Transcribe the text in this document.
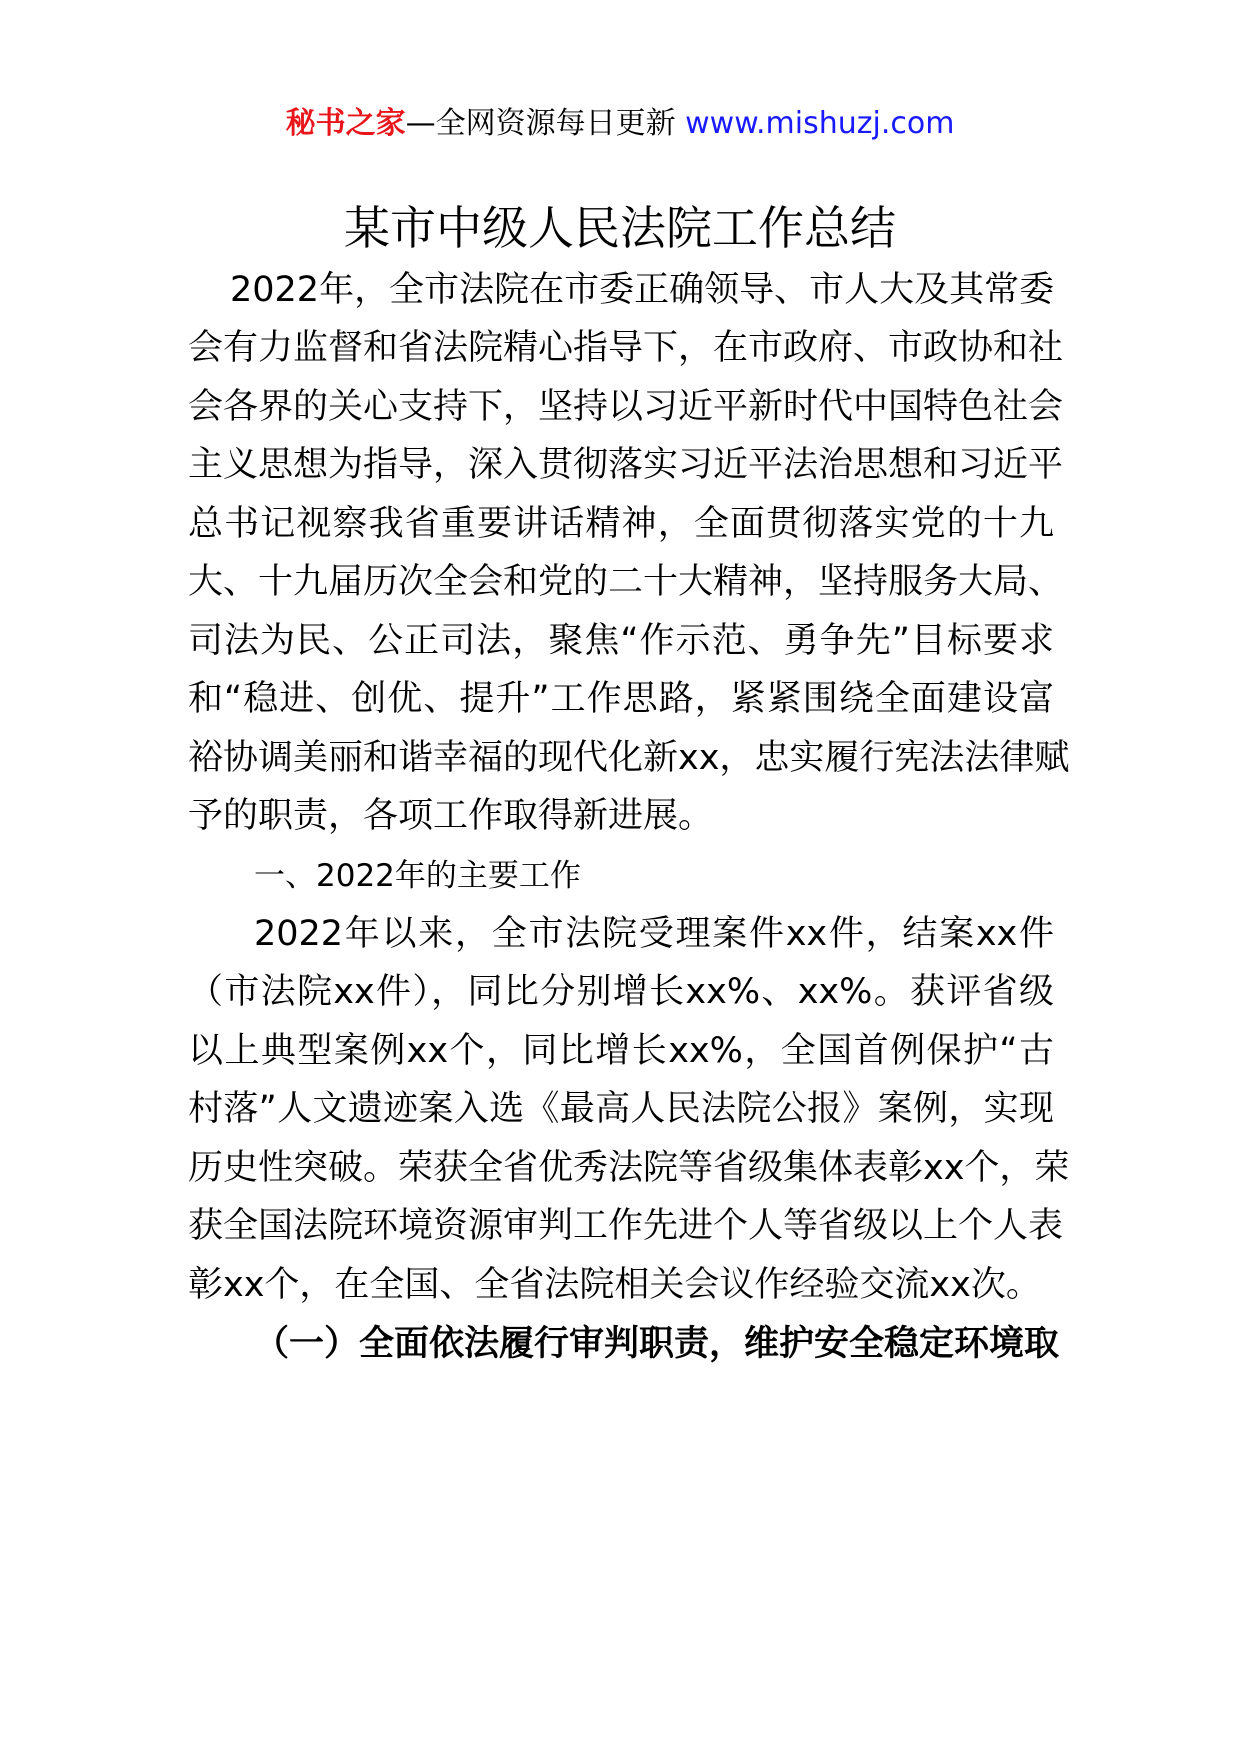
秘书之家—全网资源每日更新 www.mishuzj.com
某市中级人民法院工作总结
2022年，全市法院在市委正确领导、市人大及其常委
会有力监督和省法院精心指导下，在市政府、市政协和社
会各界的关心支持下，坚持以习近平新时代中国特色社会
主义思想为指导，深入贯彻落实习近平法治思想和习近平
总书记视察我省重要讲话精神，全面贯彻落实党的十九
大、十九届历次全会和党的二十大精神，坚持服务大局、
司法为民、公正司法，聚焦“作示范、勇争先”目标要求
和“稳进、创优、提升”工作思路，紧紧围绕全面建设富
裕协调美丽和谐幸福的现代化新xx，忠实履行宪法法律赋
予的职责，各项工作取得新进展。
一、2022年的主要工作
2022年以来，全市法院受理案件xx件，结案xx件
（市法院xx件），同比分别增长xx%、xx%。获评省级
以上典型案例xx个，同比增长xx%，全国首例保护“古
村落”人文遗迹案入选《最高人民法院公报》案例，实现
历史性突破。荣获全省优秀法院等省级集体表彰xx个，荣
获全国法院环境资源审判工作先进个人等省级以上个人表
彰xx个，在全国、全省法院相关会议作经验交流xx次。
（一）全面依法履行审判职责，维护安全稳定环境取
